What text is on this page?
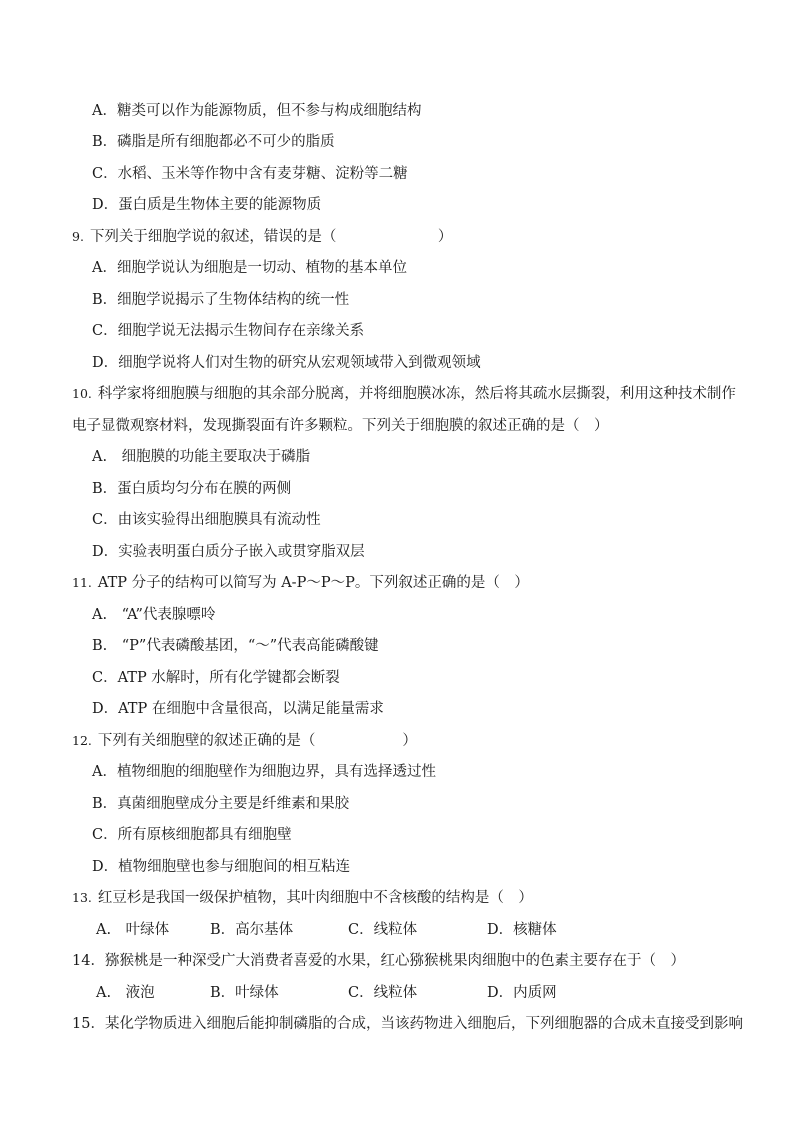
A．糖类可以作为能源物质，但不参与构成细胞结构
B．磷脂是所有细胞都必不可少的脂质
C．水稻、玉米等作物中含有麦芽糖、淀粉等二糖
D．蛋白质是生物体主要的能源物质
9. 下列关于细胞学说的叙述，错误的是（　　　　　　　）
A．细胞学说认为细胞是一切动、植物的基本单位
B．细胞学说揭示了生物体结构的统一性
C．细胞学说无法揭示生物间存在亲缘关系
D．细胞学说将人们对生物的研究从宏观领域带入到微观领域
10. 科学家将细胞膜与细胞的其余部分脱离，并将细胞膜冰冻，然后将其疏水层撕裂，利用这种技术制作
电子显微观察材料，发现撕裂面有许多颗粒。下列关于细胞膜的叙述正确的是（　）
A.　细胞膜的功能主要取决于磷脂
B．蛋白质均匀分布在膜的两侧
C．由该实验得出细胞膜具有流动性
D．实验表明蛋白质分子嵌入或贯穿脂双层
11. ATP 分子的结构可以简写为 A-P～P～P。下列叙述正确的是（　）
A.　“A”代表腺嘌呤
B.　“P”代表磷酸基团，“～”代表高能磷酸键
C．ATP 水解时，所有化学键都会断裂
D．ATP 在细胞中含量很高，以满足能量需求
12. 下列有关细胞壁的叙述正确的是（　　　　　　）
A．植物细胞的细胞壁作为细胞边界，具有选择透过性
B．真菌细胞壁成分主要是纤维素和果胶
C．所有原核细胞都具有细胞壁
D．植物细胞壁也参与细胞间的相互粘连
13. 红豆杉是我国一级保护植物，其叶肉细胞中不含核酸的结构是（　）
A.　叶绿体	B．高尔基体	C．线粒体	D．核糖体
14．猕猴桃是一种深受广大消费者喜爱的水果，红心猕猴桃果肉细胞中的色素主要存在于（　）
A.　液泡	B．叶绿体	C．线粒体	D．内质网
15．某化学物质进入细胞后能抑制磷脂的合成，当该药物进入细胞后，下列细胞器的合成未直接受到影响
